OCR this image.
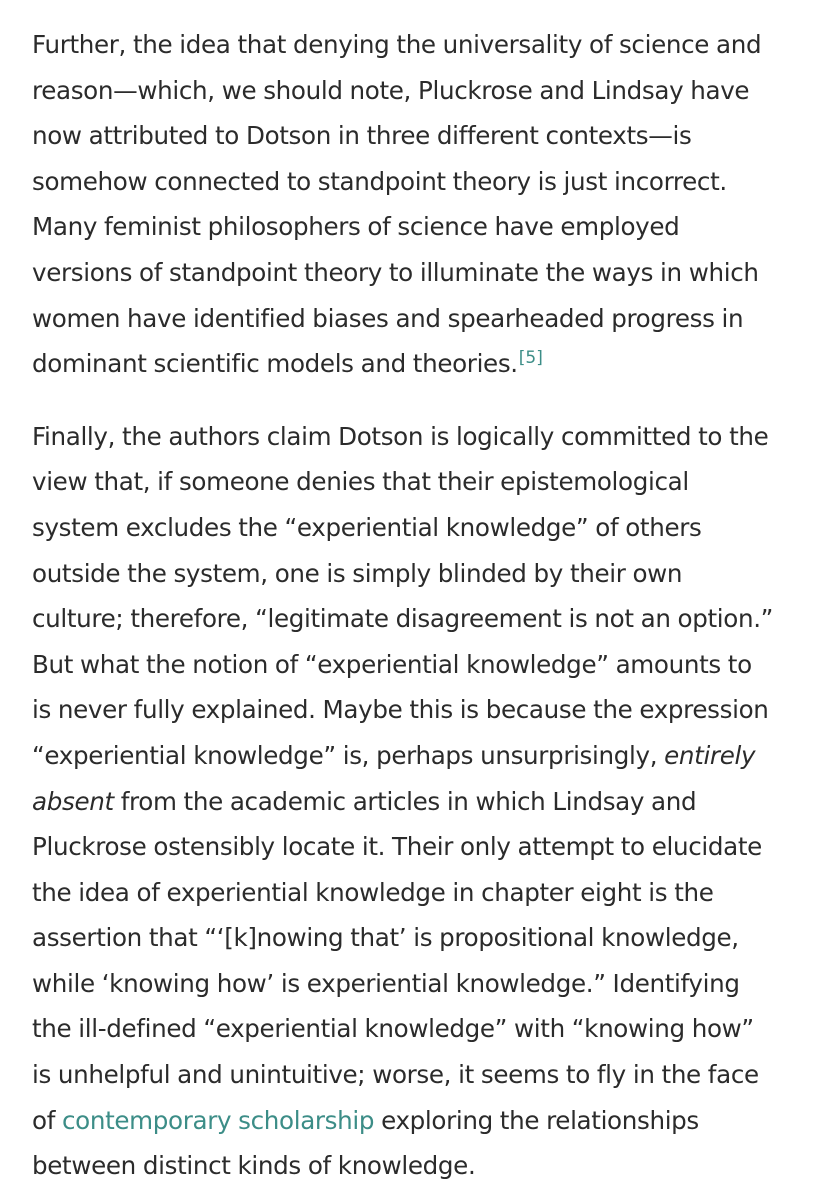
Further, the idea that denying the universality of science and
reason—which, we should note, Pluckrose and Lindsay have
now attributed to Dotson in three different contexts—is
somehow connected to standpoint theory is just incorrect.
Many feminist philosophers of science have employed
versions of standpoint theory to illuminate the ways in which
women have identified biases and spearheaded progress in
dominant scientific models and theories.[5]

Finally, the authors claim Dotson is logically committed to the
view that, if someone denies that their epistemological
system excludes the “experiential knowledge” of others
outside the system, one is simply blinded by their own
culture; therefore, “legitimate disagreement is not an option.”
But what the notion of “experiential knowledge” amounts to
is never fully explained. Maybe this is because the expression
“experiential knowledge” is, perhaps unsurprisingly, entirely
absent from the academic articles in which Lindsay and
Pluckrose ostensibly locate it. Their only attempt to elucidate
the idea of experiential knowledge in chapter eight is the
assertion that “‘[k]nowing that’ is propositional knowledge,
while ‘knowing how’ is experiential knowledge.” Identifying
the ill-defined “experiential knowledge” with “knowing how”
is unhelpful and unintuitive; worse, it seems to fly in the face
of contemporary scholarship exploring the relationships
between distinct kinds of knowledge.
